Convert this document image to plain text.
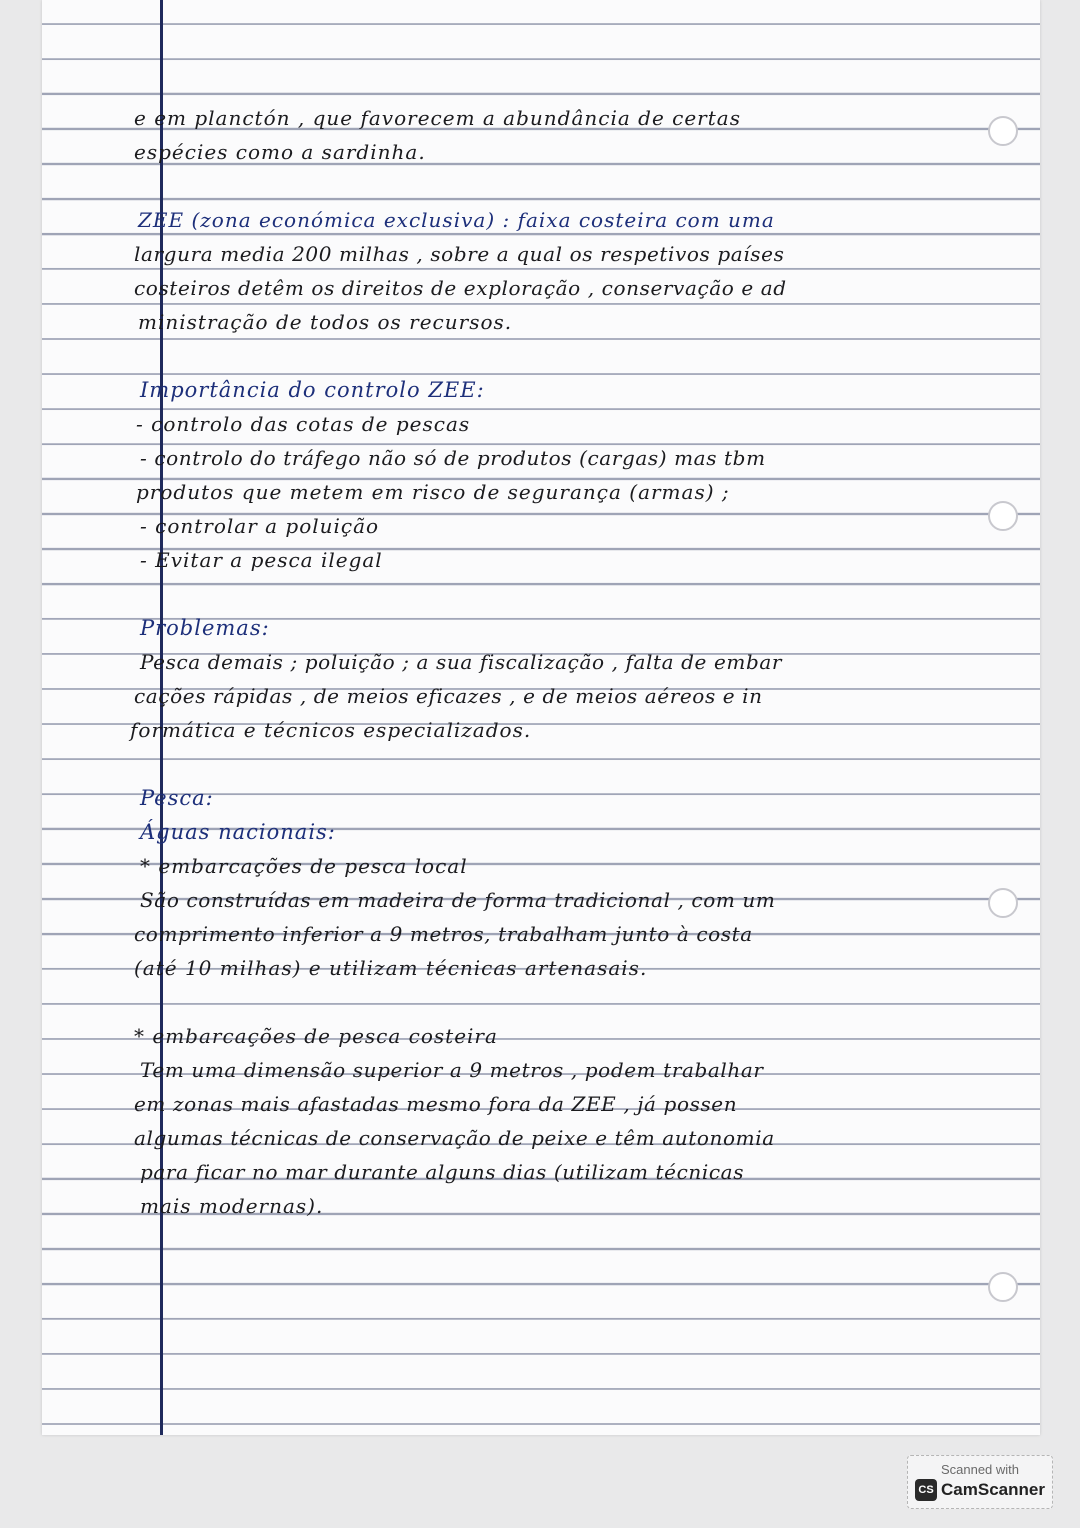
e em planctón , que favorecem a abundância de certas

espécies como a sardinha.

ZEE (zona económica exclusiva) : faixa costeira com uma

largura media 200 milhas , sobre a qual os respetivos países

costeiros detêm os direitos de exploração , conservação e ad

ministração de todos os recursos.

Importância do controlo ZEE:

- controlo das cotas de pescas

- controlo do tráfego não só de produtos (cargas) mas tbm

produtos que metem em risco de segurança (armas) ;

- controlar a poluição

- Evitar a pesca ilegal

Problemas:

Pesca demais ; poluição ; a sua fiscalização , falta de embar

cações rápidas , de meios eficazes , e de meios aéreos e in

formática e técnicos especializados.

Pesca:

Águas nacionais:

* embarcações de pesca local

São construídas em madeira de forma tradicional , com um

comprimento inferior a 9 metros, trabalham junto à costa

(até 10 milhas) e utilizam técnicas artenasais.

* embarcações de pesca costeira

Tem uma dimensão superior a 9 metros , podem trabalhar

em zonas mais afastadas mesmo fora da ZEE , já possen

algumas técnicas de conservação de peixe e têm autonomia

para ficar no mar durante alguns dias (utilizam técnicas

mais modernas).

Scanned with
CS CamScanner
